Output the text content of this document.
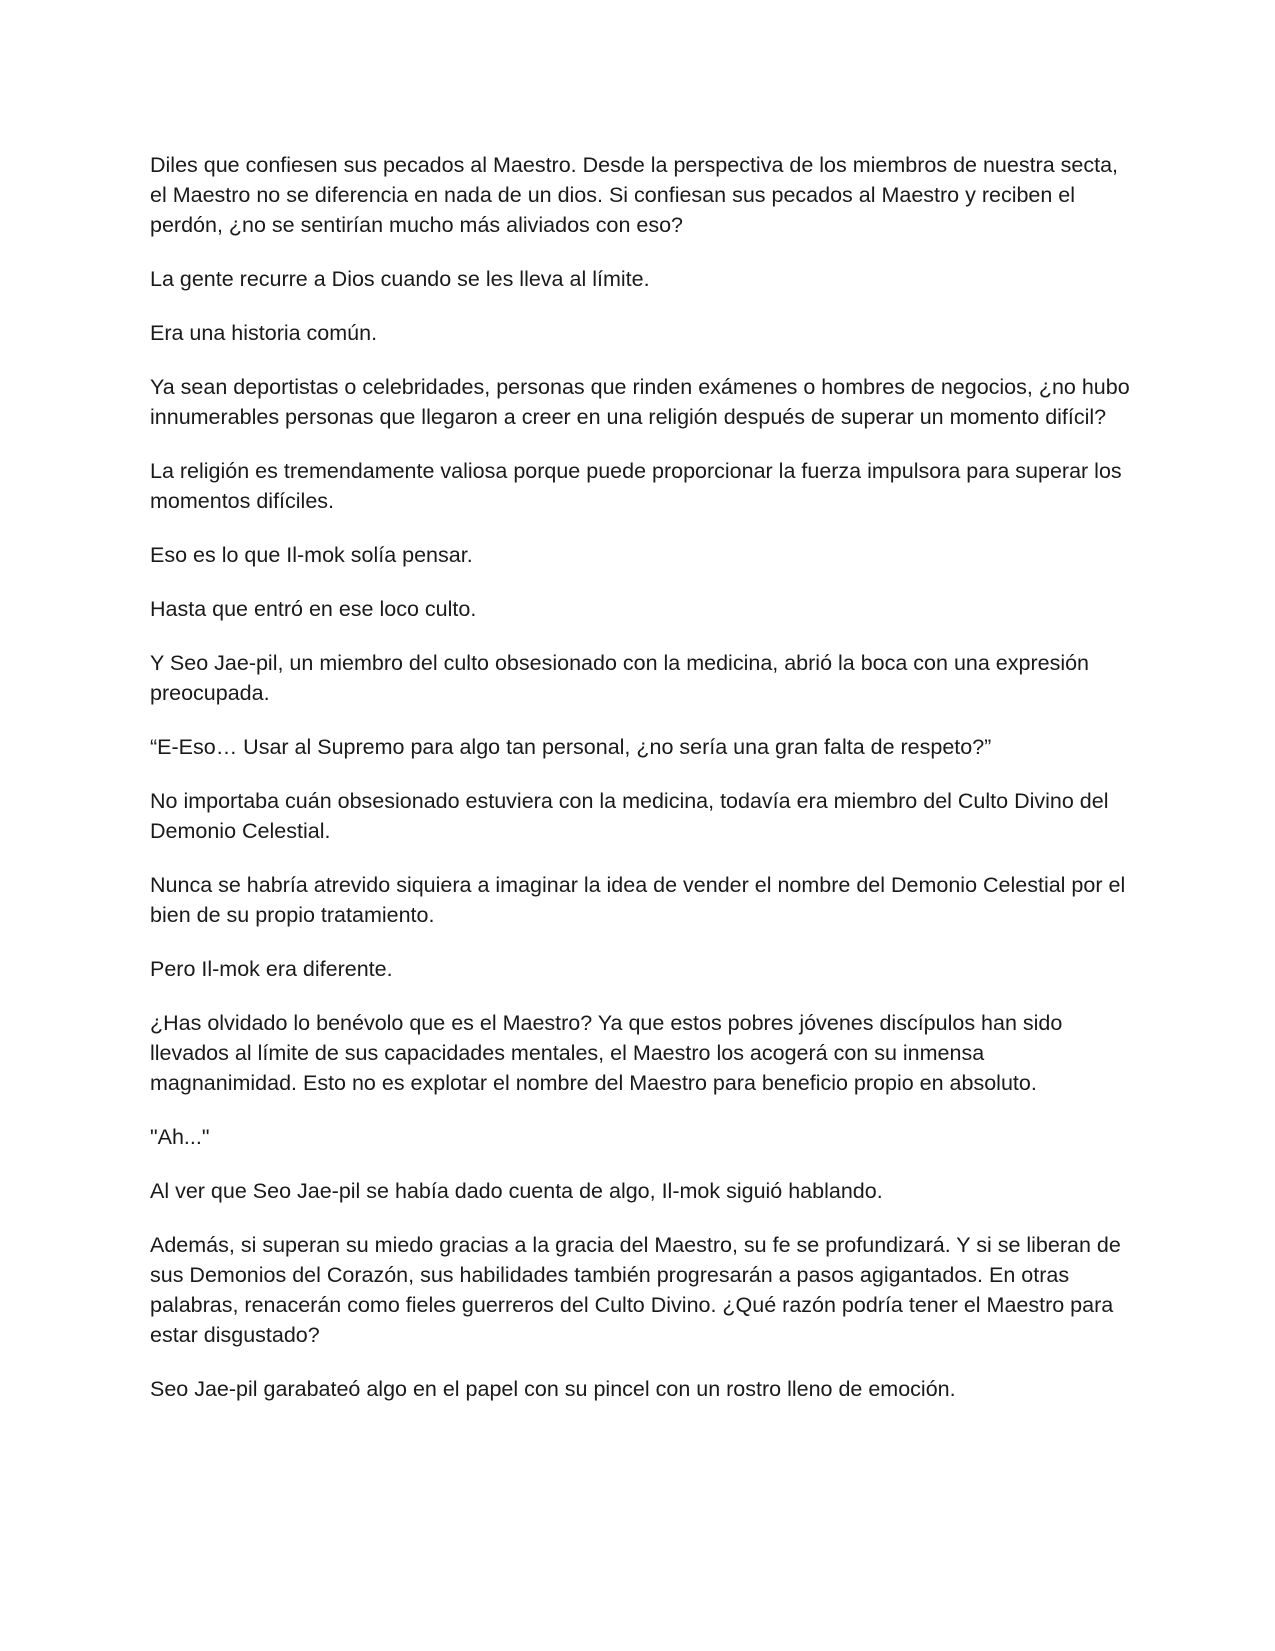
Diles que confiesen sus pecados al Maestro. Desde la perspectiva de los miembros de nuestra secta, el Maestro no se diferencia en nada de un dios. Si confiesan sus pecados al Maestro y reciben el perdón, ¿no se sentirían mucho más aliviados con eso?

La gente recurre a Dios cuando se les lleva al límite.

Era una historia común.

Ya sean deportistas o celebridades, personas que rinden exámenes o hombres de negocios, ¿no hubo innumerables personas que llegaron a creer en una religión después de superar un momento difícil?

La religión es tremendamente valiosa porque puede proporcionar la fuerza impulsora para superar los momentos difíciles.

Eso es lo que Il-mok solía pensar.

Hasta que entró en ese loco culto.

Y Seo Jae-pil, un miembro del culto obsesionado con la medicina, abrió la boca con una expresión preocupada.

“E-Eso… Usar al Supremo para algo tan personal, ¿no sería una gran falta de respeto?”

No importaba cuán obsesionado estuviera con la medicina, todavía era miembro del Culto Divino del Demonio Celestial.

Nunca se habría atrevido siquiera a imaginar la idea de vender el nombre del Demonio Celestial por el bien de su propio tratamiento.

Pero Il-mok era diferente.

¿Has olvidado lo benévolo que es el Maestro? Ya que estos pobres jóvenes discípulos han sido llevados al límite de sus capacidades mentales, el Maestro los acogerá con su inmensa magnanimidad. Esto no es explotar el nombre del Maestro para beneficio propio en absoluto.

"Ah..."

Al ver que Seo Jae-pil se había dado cuenta de algo, Il-mok siguió hablando.

Además, si superan su miedo gracias a la gracia del Maestro, su fe se profundizará. Y si se liberan de sus Demonios del Corazón, sus habilidades también progresarán a pasos agigantados. En otras palabras, renacerán como fieles guerreros del Culto Divino. ¿Qué razón podría tener el Maestro para estar disgustado?

Seo Jae-pil garabateó algo en el papel con su pincel con un rostro lleno de emoción.
